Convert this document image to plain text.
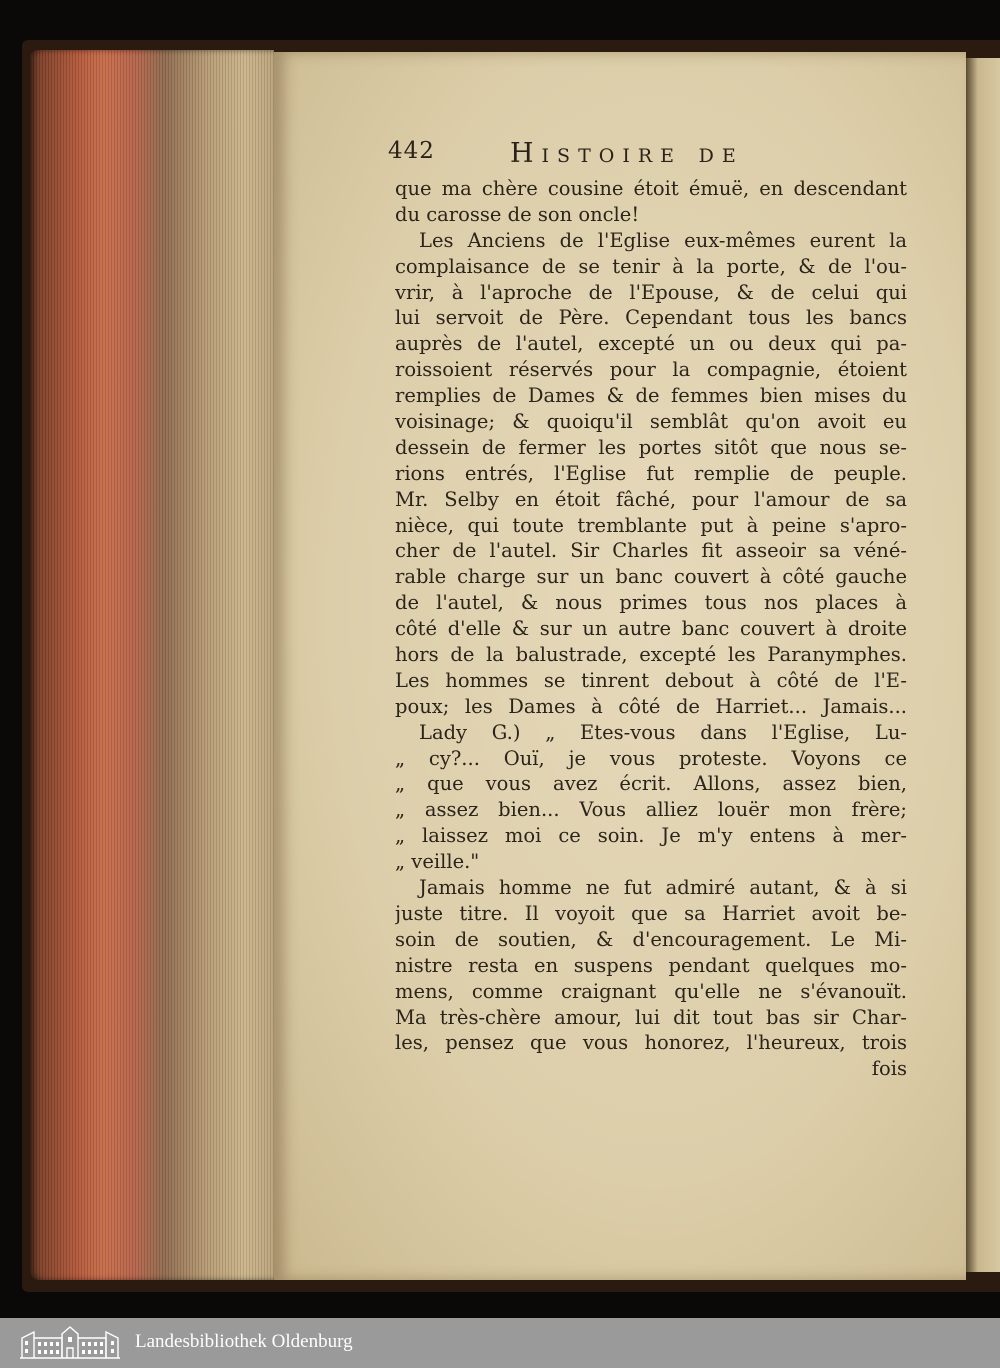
442	Histoire de
que ma chère cousine étoit émuë, en descendant
du carosse de son oncle!
Les Anciens de l'Eglise eux-mêmes eurent la
complaisance de se tenir à la porte, & de l'ou-
vrir, à l'aproche de l'Epouse, & de celui qui
lui servoit de Père. Cependant tous les bancs
auprès de l'autel, excepté un ou deux qui pa-
roissoient réservés pour la compagnie, étoient
remplies de Dames & de femmes bien mises du
voisinage; & quoiqu'il semblât qu'on avoit eu
dessein de fermer les portes sitôt que nous se-
rions entrés, l'Eglise fut remplie de peuple.
Mr. Selby en étoit fâché, pour l'amour de sa
nièce, qui toute tremblante put à peine s'apro-
cher de l'autel. Sir Charles fit asseoir sa véné-
rable charge sur un banc couvert à côté gauche
de l'autel, & nous primes tous nos places à
côté d'elle & sur un autre banc couvert à droite
hors de la balustrade, excepté les Paranymphes.
Les hommes se tinrent debout à côté de l'E-
poux; les Dames à côté de Harriet... Jamais...
Lady G.) „ Etes-vous dans l'Eglise, Lu-
„ cy?... Ouï, je vous proteste. Voyons ce
„ que vous avez écrit. Allons, assez bien,
„ assez bien... Vous alliez louër mon frère;
„ laissez moi ce soin. Je m'y entens à mer-
„ veille."
Jamais homme ne fut admiré autant, & à si
juste titre. Il voyoit que sa Harriet avoit be-
soin de soutien, & d'encouragement. Le Mi-
nistre resta en suspens pendant quelques mo-
mens, comme craignant qu'elle ne s'évanouït.
Ma très-chère amour, lui dit tout bas sir Char-
les, pensez que vous honorez, l'heureux, trois
fois
Landesbibliothek Oldenburg
